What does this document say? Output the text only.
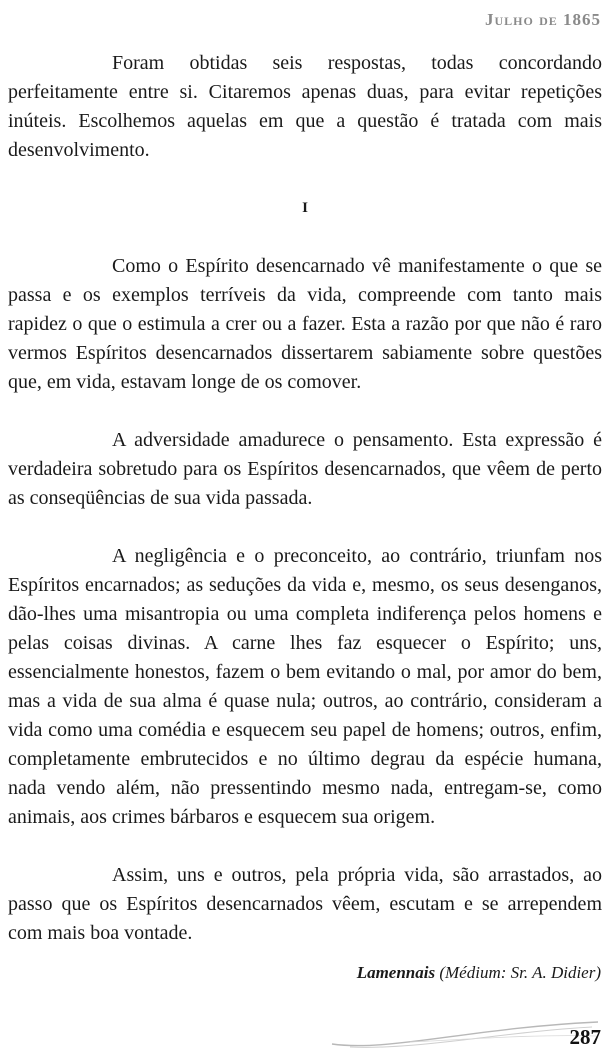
Julho de 1865

Foram obtidas seis respostas, todas concordando perfeitamente entre si. Citaremos apenas duas, para evitar repetições inúteis. Escolhemos aquelas em que a questão é tratada com mais desenvolvimento.

I

Como o Espírito desencarnado vê manifestamente o que se passa e os exemplos terríveis da vida, compreende com tanto mais rapidez o que o estimula a crer ou a fazer. Esta a razão por que não é raro vermos Espíritos desencarnados dissertarem sabiamente sobre questões que, em vida, estavam longe de os comover.

A adversidade amadurece o pensamento. Esta expressão é verdadeira sobretudo para os Espíritos desencarnados, que vêem de perto as conseqüências de sua vida passada.

A negligência e o preconceito, ao contrário, triunfam nos Espíritos encarnados; as seduções da vida e, mesmo, os seus desenganos, dão-lhes uma misantropia ou uma completa indiferença pelos homens e pelas coisas divinas. A carne lhes faz esquecer o Espírito; uns, essencialmente honestos, fazem o bem evitando o mal, por amor do bem, mas a vida de sua alma é quase nula; outros, ao contrário, consideram a vida como uma comédia e esquecem seu papel de homens; outros, enfim, completamente embrutecidos e no último degrau da espécie humana, nada vendo além, não pressentindo mesmo nada, entregam-se, como animais, aos crimes bárbaros e esquecem sua origem.

Assim, uns e outros, pela própria vida, são arrastados, ao passo que os Espíritos desencarnados vêem, escutam e se arrependem com mais boa vontade.

Lamennais (Médium: Sr. A. Didier)
287
